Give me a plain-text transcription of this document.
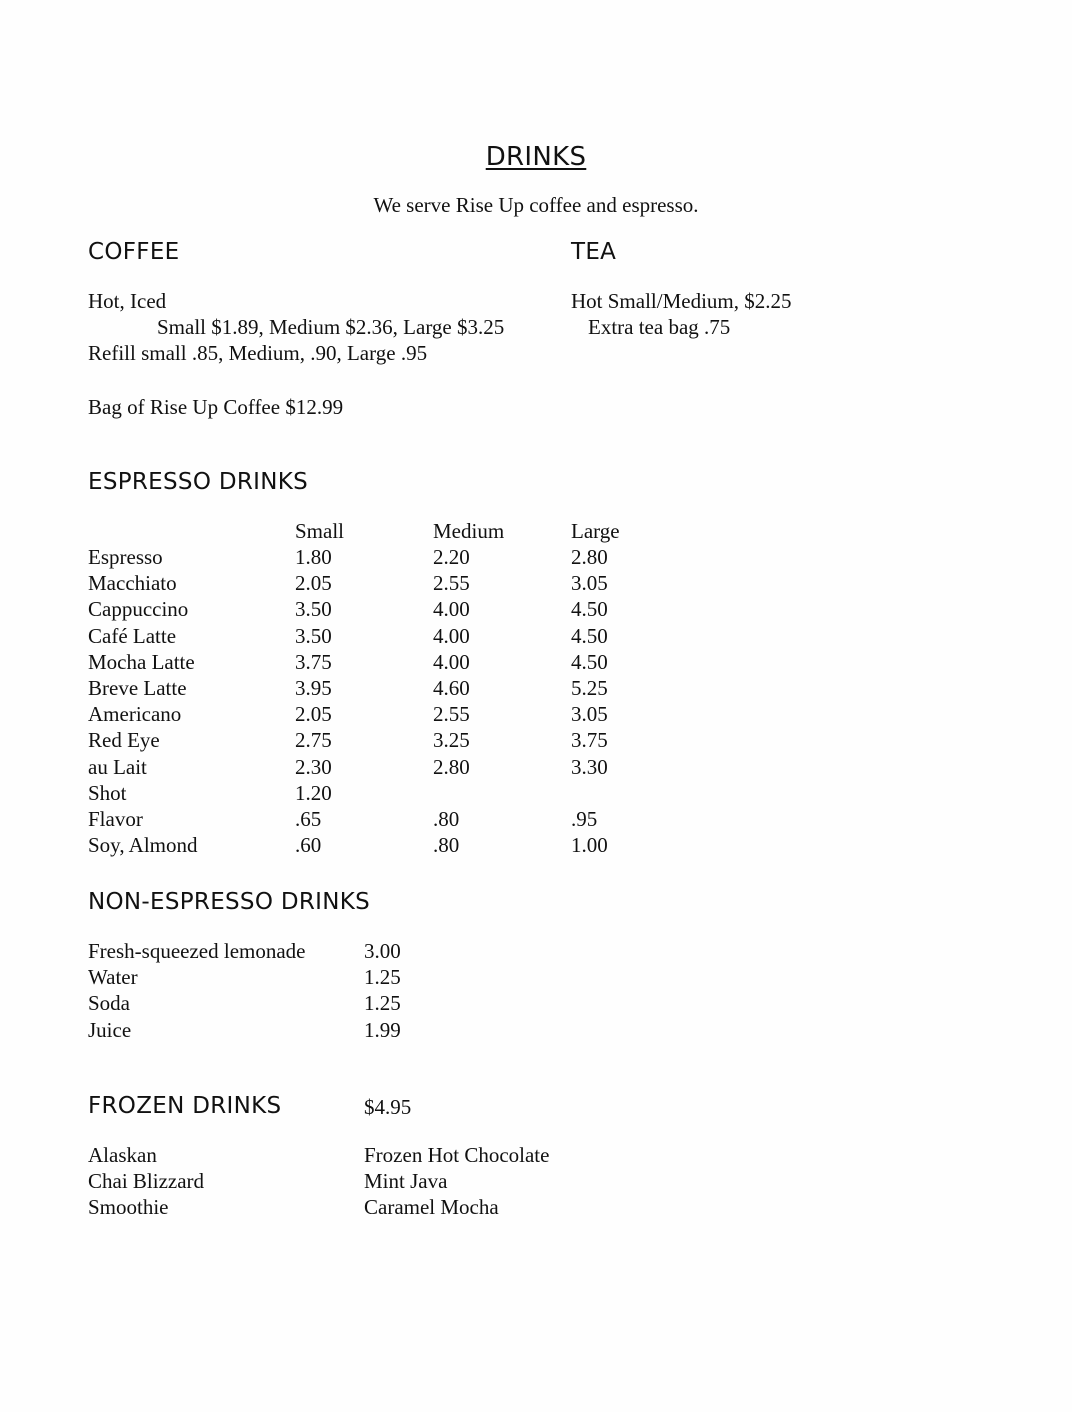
DRINKS
We serve Rise Up coffee and espresso.
COFFEE
Hot, Iced
Small $1.89, Medium $2.36, Large $3.25
Refill small .85, Medium, .90, Large .95
Bag of Rise Up Coffee $12.99
TEA
Hot Small/Medium, $2.25
Extra tea bag .75
ESPRESSO DRINKS
Small	Medium	Large
Espresso	1.80	2.20	2.80
Macchiato	2.05	2.55	3.05
Cappuccino	3.50	4.00	4.50
Café Latte	3.50	4.00	4.50
Mocha Latte	3.75	4.00	4.50
Breve Latte	3.95	4.60	5.25
Americano	2.05	2.55	3.05
Red Eye	2.75	3.25	3.75
au Lait	2.30	2.80	3.30
Shot	1.20
Flavor	.65	.80	.95
Soy, Almond	.60	.80	1.00
NON-ESPRESSO DRINKS
Fresh-squeezed lemonade	3.00
Water	1.25
Soda	1.25
Juice	1.99
FROZEN DRINKS	$4.95
Alaskan	Frozen Hot Chocolate
Chai Blizzard	Mint Java
Smoothie	Caramel Mocha
